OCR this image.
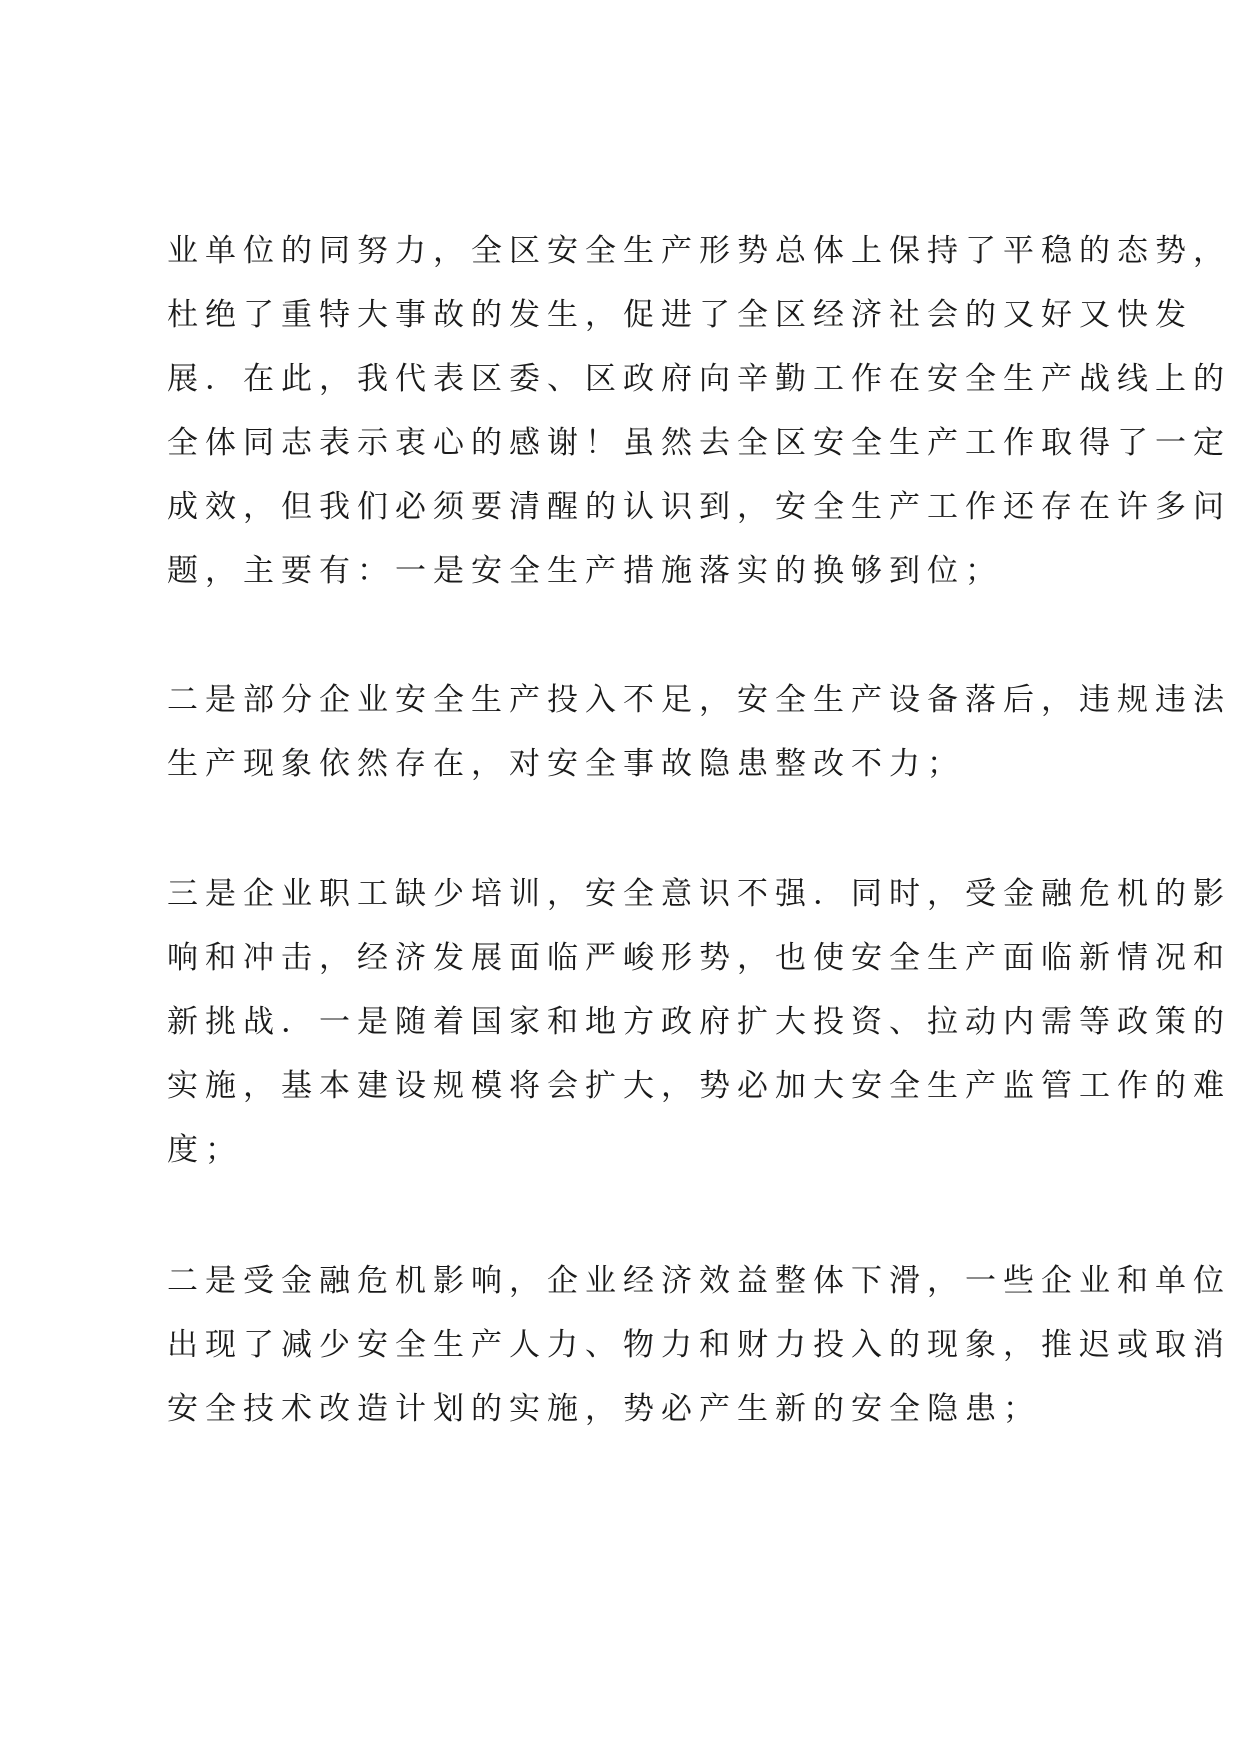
业单位的同努力，全区安全生产形势总体上保持了平稳的态势，
杜绝了重特大事故的发生，促进了全区经济社会的又好又快发
展．在此，我代表区委、区政府向辛勤工作在安全生产战线上的
全体同志表示衷心的感谢！虽然去全区安全生产工作取得了一定
成效，但我们必须要清醒的认识到，安全生产工作还存在许多问
题，主要有：一是安全生产措施落实的换够到位；
二是部分企业安全生产投入不足，安全生产设备落后，违规违法
生产现象依然存在，对安全事故隐患整改不力；
三是企业职工缺少培训，安全意识不强．同时，受金融危机的影
响和冲击，经济发展面临严峻形势，也使安全生产面临新情况和
新挑战．一是随着国家和地方政府扩大投资、拉动内需等政策的
实施，基本建设规模将会扩大，势必加大安全生产监管工作的难
度；
二是受金融危机影响，企业经济效益整体下滑，一些企业和单位
出现了减少安全生产人力、物力和财力投入的现象，推迟或取消
安全技术改造计划的实施，势必产生新的安全隐患；
